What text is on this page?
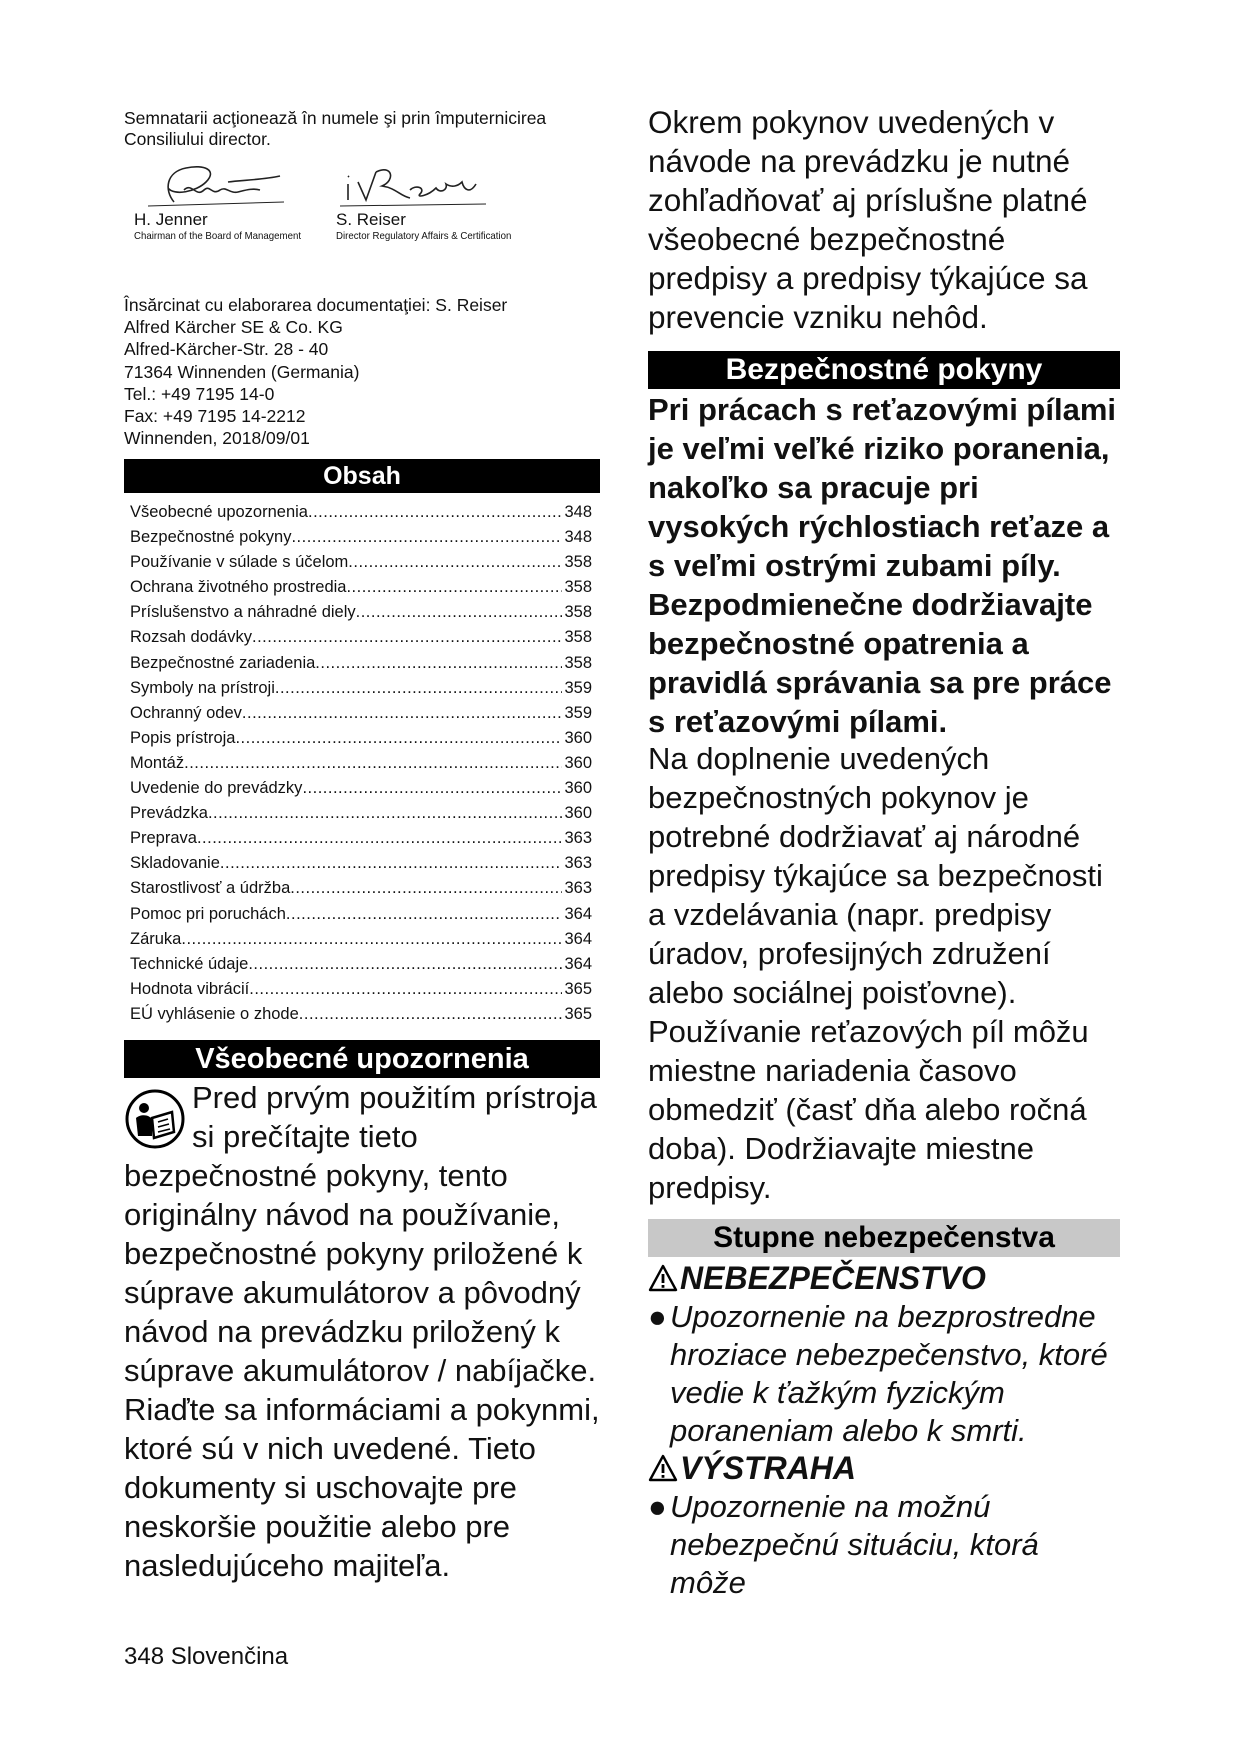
Semnatarii acţionează în numele şi prin împuternicirea Consiliului director.

H. Jenner
Chairman of the Board of Management
S. Reiser
Director Regulatory Affairs & Certification
Însărcinat cu elaborarea documentaţiei: S. Reiser
Alfred Kärcher SE & Co. KG
Alfred-Kärcher-Str. 28 - 40
71364 Winnenden (Germania)
Tel.: +49 7195 14-0
Fax: +49 7195 14-2212
Winnenden, 2018/09/01
Obsah
Všeobecné upozornenia .....	348
Bezpečnostné pokyny .....	348
Používanie v súlade s účelom .....	358
Ochrana životného prostredia .....	358
Príslušenstvo a náhradné diely .....	358
Rozsah dodávky .....	358
Bezpečnostné zariadenia .....	358
Symboly na prístroji .....	359
Ochranný odev .....	359
Popis prístroja .....	360
Montáž .....	360
Uvedenie do prevádzky .....	360
Prevádzka .....	360
Preprava .....	363
Skladovanie .....	363
Starostlivosť a údržba .....	363
Pomoc pri poruchách .....	364
Záruka .....	364
Technické údaje .....	364
Hodnota vibrácií .....	365
EÚ vyhlásenie o zhode .....	365
Všeobecné upozornenia
Pred prvým použitím prístroja si prečítajte tieto bezpečnostné pokyny, tento originálny návod na používanie, bezpečnostné pokyny priložené k súprave akumulátorov a pôvodný návod na prevádzku priložený k súprave akumulátorov / nabíjačke. Riaďte sa informáciami a pokynmi, ktoré sú v nich uvedené. Tieto dokumenty si uschovajte pre neskoršie použitie alebo pre nasledujúceho majiteľa.
348 Slovenčina

Okrem pokynov uvedených v návode na prevádzku je nutné zohľadňovať aj príslušne platné všeobecné bezpečnostné predpisy a predpisy týkajúce sa prevencie vzniku nehôd.

Bezpečnostné pokyny

Pri prácach s reťazovými pílami je veľmi veľké riziko poranenia, nakoľko sa pracuje pri vysokých rýchlostiach reťaze a s veľmi ostrými zubami píly. Bezpodmienečne dodržiavajte bezpečnostné opatrenia a pravidlá správania sa pre práce s reťazovými pílami.

Na doplnenie uvedených bezpečnostných pokynov je potrebné dodržiavať aj národné predpisy týkajúce sa bezpečnosti a vzdelávania (napr. predpisy úradov, profesijných združení alebo sociálnej poisťovne). Používanie reťazových píl môžu miestne nariadenia časovo obmedziť (časť dňa alebo ročná doba). Dodržiavajte miestne predpisy.

Stupne nebezpečenstva
NEBEZPEČENSTVO
● Upozornenie na bezprostredne hroziace nebezpečenstvo, ktoré vedie k ťažkým fyzickým poraneniam alebo k smrti.
VÝSTRAHA
● Upozornenie na možnú nebezpečnú situáciu, ktorá môže
